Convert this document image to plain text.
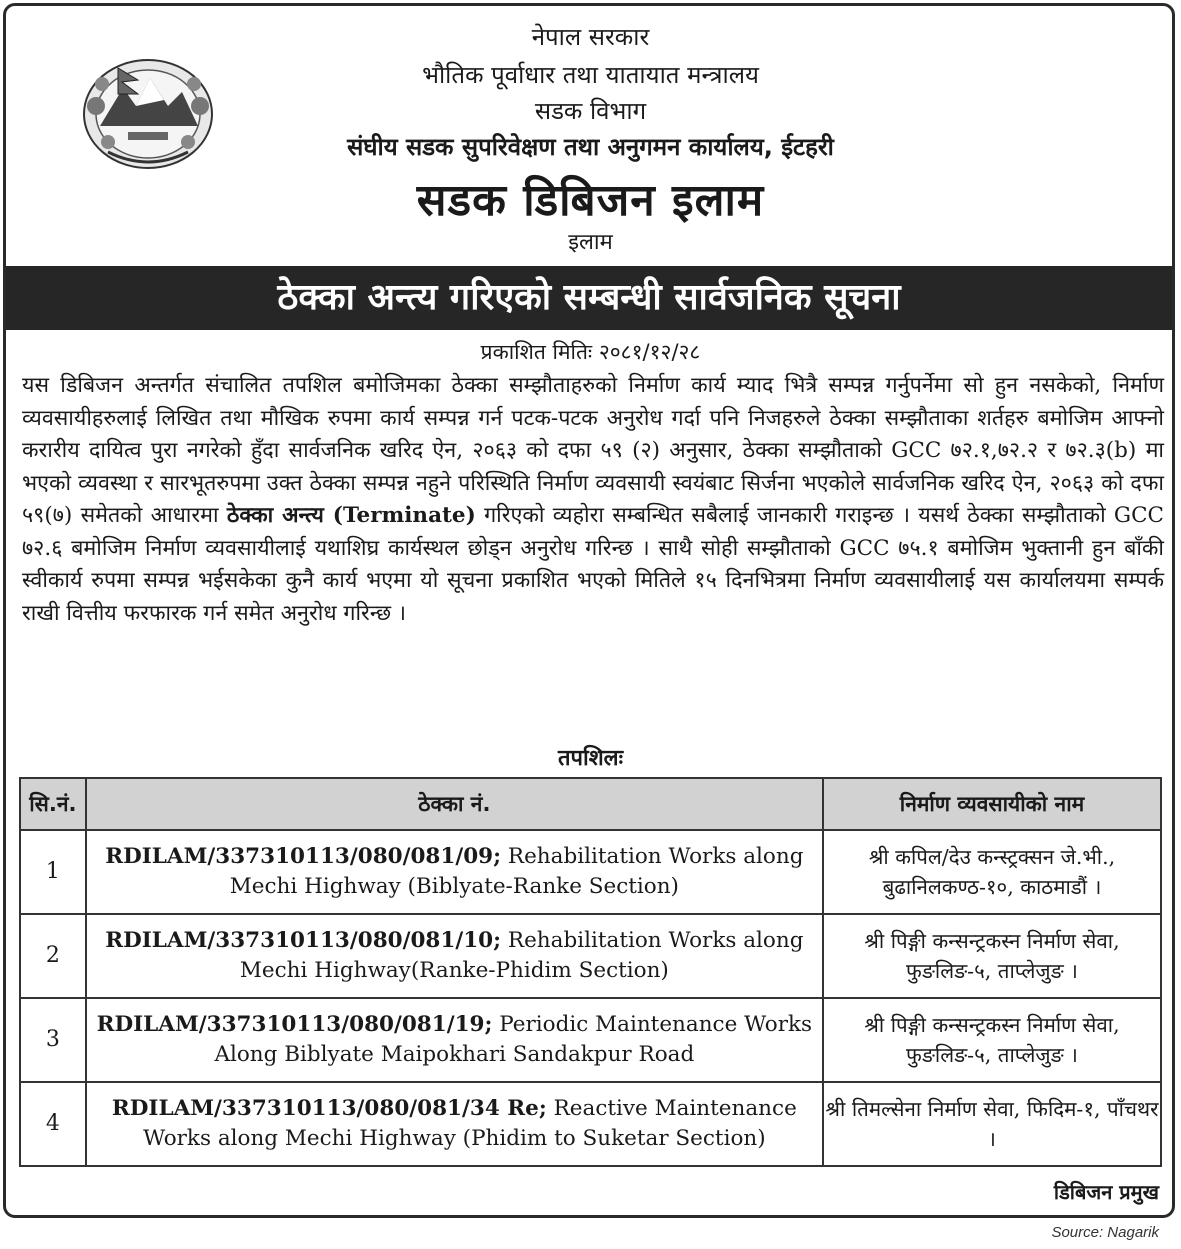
नेपाल सरकार
भौतिक पूर्वाधार तथा यातायात मन्त्रालय
सडक विभाग
संघीय सडक सुपरिवेक्षण तथा अनुगमन कार्यालय, ईटहरी
सडक डिबिजन इलाम
इलाम
ठेक्का अन्त्य गरिएको सम्बन्धी सार्वजनिक सूचना
प्रकाशित मितिः २०८१/१२/२८
यस डिबिजन अन्तर्गत संचालित तपशिल बमोजिमका ठेक्का सम्झौताहरुको निर्माण कार्य म्याद भित्रै सम्पन्न गर्नुपर्नेमा सो हुन नसकेको, निर्माण व्यवसायीहरुलाई लिखित तथा मौखिक रुपमा कार्य सम्पन्न गर्न पटक-पटक अनुरोध गर्दा पनि निजहरुले ठेक्का सम्झौताका शर्तहरु बमोजिम आफ्नो करारीय दायित्व पुरा नगरेको हुँदा सार्वजनिक खरिद ऐन, २०६३ को दफा ५९ (२) अनुसार, ठेक्का सम्झौताको GCC ७२.१,७२.२ र ७२.३(b) मा भएको व्यवस्था र सारभूतरुपमा उक्त ठेक्का सम्पन्न नहुने परिस्थिति निर्माण व्यवसायी स्वयंबाट सिर्जना भएकोले सार्वजनिक खरिद ऐन, २०६३ को दफा ५९(७) समेतको आधारमा ठेक्का अन्त्य (Terminate) गरिएको व्यहोरा सम्बन्धित सबैलाई जानकारी गराइन्छ । यसर्थ ठेक्का सम्झौताको GCC ७२.६ बमोजिम निर्माण व्यवसायीलाई यथाशिघ्र कार्यस्थल छोड्न अनुरोध गरिन्छ । साथै सोही सम्झौताको GCC ७५.१ बमोजिम भुक्तानी हुन बाँकी स्वीकार्य रुपमा सम्पन्न भईसकेका कुनै कार्य भएमा यो सूचना प्रकाशित भएको मितिले १५ दिनभित्रमा निर्माण व्यवसायीलाई यस कार्यालयमा सम्पर्क राखी वित्तीय फरफारक गर्न समेत अनुरोध गरिन्छ ।
तपशिलः
सि.नं.	ठेक्का नं.	निर्माण व्यवसायीको नाम
1	RDILAM/337310113/080/081/09; Rehabilitation Works along Mechi Highway (Biblyate-Ranke Section)	श्री कपिल/देउ कन्स्ट्रक्सन जे.भी., बुढानिलकण्ठ-१०, काठमाडौं ।
2	RDILAM/337310113/080/081/10; Rehabilitation Works along Mechi Highway(Ranke-Phidim Section)	श्री पिङ्गी कन्सन्ट्रकस्न निर्माण सेवा, फुङलिङ-५, ताप्लेजुङ ।
3	RDILAM/337310113/080/081/19; Periodic Maintenance Works Along Biblyate Maipokhari Sandakpur Road	श्री पिङ्गी कन्सन्ट्रकस्न निर्माण सेवा, फुङलिङ-५, ताप्लेजुङ ।
4	RDILAM/337310113/080/081/34 Re; Reactive Maintenance Works along Mechi Highway (Phidim to Suketar Section)	श्री तिमल्सेना निर्माण सेवा, फिदिम-१, पाँचथर ।
डिबिजन प्रमुख
Source: Nagarik
